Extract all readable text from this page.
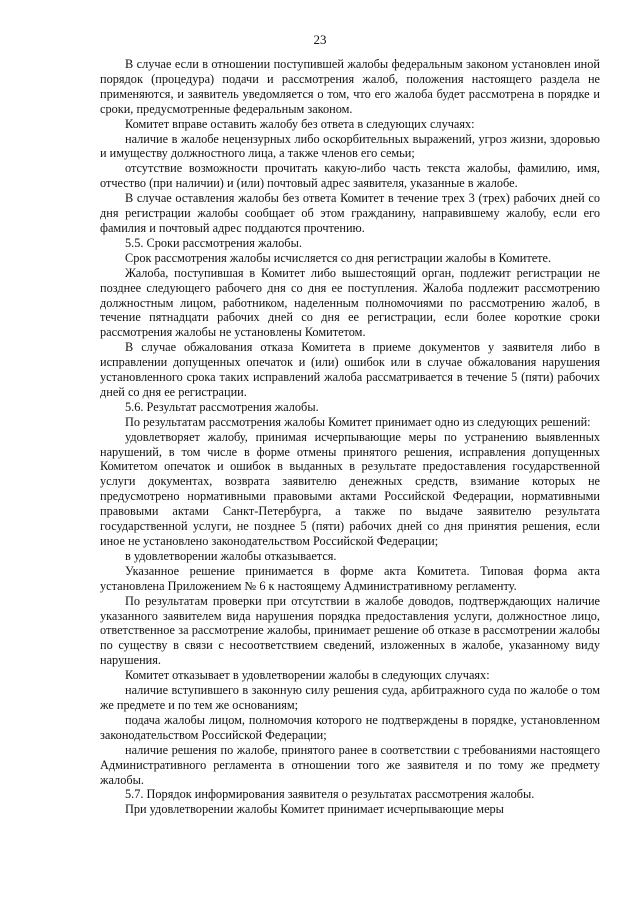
23

В случае если в отношении поступившей жалобы федеральным законом установлен иной порядок (процедура) подачи и рассмотрения жалоб, положения настоящего раздела не применяются, и заявитель уведомляется о том, что его жалоба будет рассмотрена в порядке и сроки, предусмотренные федеральным законом.

Комитет вправе оставить жалобу без ответа в следующих случаях:

наличие в жалобе нецензурных либо оскорбительных выражений, угроз жизни, здоровью и имуществу должностного лица, а также членов его семьи;

отсутствие возможности прочитать какую-либо часть текста жалобы, фамилию, имя, отчество (при наличии) и (или) почтовый адрес заявителя, указанные в жалобе.

В случае оставления жалобы без ответа Комитет в течение трех 3 (трех) рабочих дней со дня регистрации жалобы сообщает об этом гражданину, направившему жалобу, если его фамилия и почтовый адрес поддаются прочтению.

5.5. Сроки рассмотрения жалобы.

Срок рассмотрения жалобы исчисляется со дня регистрации жалобы в Комитете.

Жалоба, поступившая в Комитет либо вышестоящий орган, подлежит регистрации не позднее следующего рабочего дня со дня ее поступления. Жалоба подлежит рассмотрению должностным лицом, работником, наделенным полномочиями по рассмотрению жалоб, в течение пятнадцати рабочих дней со дня ее регистрации, если более короткие сроки рассмотрения жалобы не установлены Комитетом.

В случае обжалования отказа Комитета в приеме документов у заявителя либо в исправлении допущенных опечаток и (или) ошибок или в случае обжалования нарушения установленного срока таких исправлений жалоба рассматривается в течение 5 (пяти) рабочих дней со дня ее регистрации.

5.6. Результат рассмотрения жалобы.

По результатам рассмотрения жалобы Комитет принимает одно из следующих решений:

удовлетворяет жалобу, принимая исчерпывающие меры по устранению выявленных нарушений, в том числе в форме отмены принятого решения, исправления допущенных Комитетом опечаток и ошибок в выданных в результате предоставления государственной услуги документах, возврата заявителю денежных средств, взимание которых не предусмотрено нормативными правовыми актами Российской Федерации, нормативными правовыми актами Санкт-Петербурга, а также по выдаче заявителю результата государственной услуги, не позднее 5 (пяти) рабочих дней со дня принятия решения, если иное не установлено законодательством Российской Федерации;

в удовлетворении жалобы отказывается.

Указанное решение принимается в форме акта Комитета. Типовая форма акта установлена Приложением № 6 к настоящему Административному регламенту.

По результатам проверки при отсутствии в жалобе доводов, подтверждающих наличие указанного заявителем вида нарушения порядка предоставления услуги, должностное лицо, ответственное за рассмотрение жалобы, принимает решение об отказе в рассмотрении жалобы по существу в связи с несоответствием сведений, изложенных в жалобе, указанному виду нарушения.

Комитет отказывает в удовлетворении жалобы в следующих случаях:

наличие вступившего в законную силу решения суда, арбитражного суда по жалобе о том же предмете и по тем же основаниям;

подача жалобы лицом, полномочия которого не подтверждены в порядке, установленном законодательством Российской Федерации;

наличие решения по жалобе, принятого ранее в соответствии с требованиями настоящего Административного регламента в отношении того же заявителя и по тому же предмету жалобы.

5.7. Порядок информирования заявителя о результатах рассмотрения жалобы.

При удовлетворении жалобы Комитет принимает исчерпывающие меры
